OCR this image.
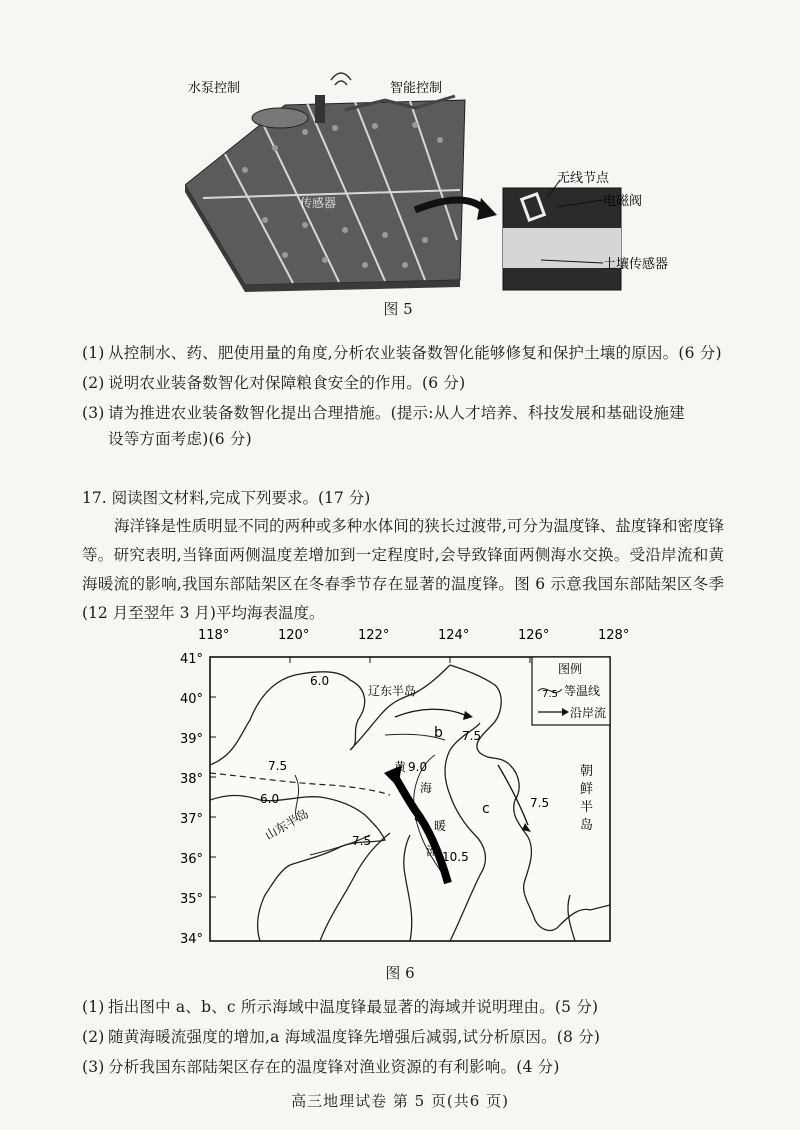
水泵控制	智能控制
无线节点
电磁阀
土壤传感器
传感器
图 5
(1) 从控制水、药、肥使用量的角度,分析农业装备数智化能够修复和保护土壤的原因。(6 分)
(2) 说明农业装备数智化对保障粮食安全的作用。(6 分)
(3) 请为推进农业装备数智化提出合理措施。(提示:从人才培养、科技发展和基础设施建
设等方面考虑)(6 分)
17. 阅读图文材料,完成下列要求。(17 分)
海洋锋是性质明显不同的两种或多种水体间的狭长过渡带,可分为温度锋、盐度锋和密度锋等。研究表明,当锋面两侧温度差增加到一定程度时,会导致锋面两侧海水交换。受沿岸流和黄海暖流的影响,我国东部陆架区在冬春季节存在显著的温度锋。图 6 示意我国东部陆架区冬季(12 月至翌年 3 月)平均海表温度。
118°	120°	122°	124°	126°	128°
41°
40°
39°
38°
37°
36°
35°
34°
图例
7.5 等温线
沿岸流
辽东半岛
山东半岛
朝
鲜
半
岛
黄
海
暖
流
6.0
6.0
7.5
7.5
7.5
7.5
9.0
10.5
a
b
c
图 6
(1) 指出图中 a、b、c 所示海域中温度锋最显著的海域并说明理由。(5 分)
(2) 随黄海暖流强度的增加,a 海域温度锋先增强后减弱,试分析原因。(8 分)
(3) 分析我国东部陆架区存在的温度锋对渔业资源的有利影响。(4 分)
高三地理试卷 第 5 页(共6 页)
